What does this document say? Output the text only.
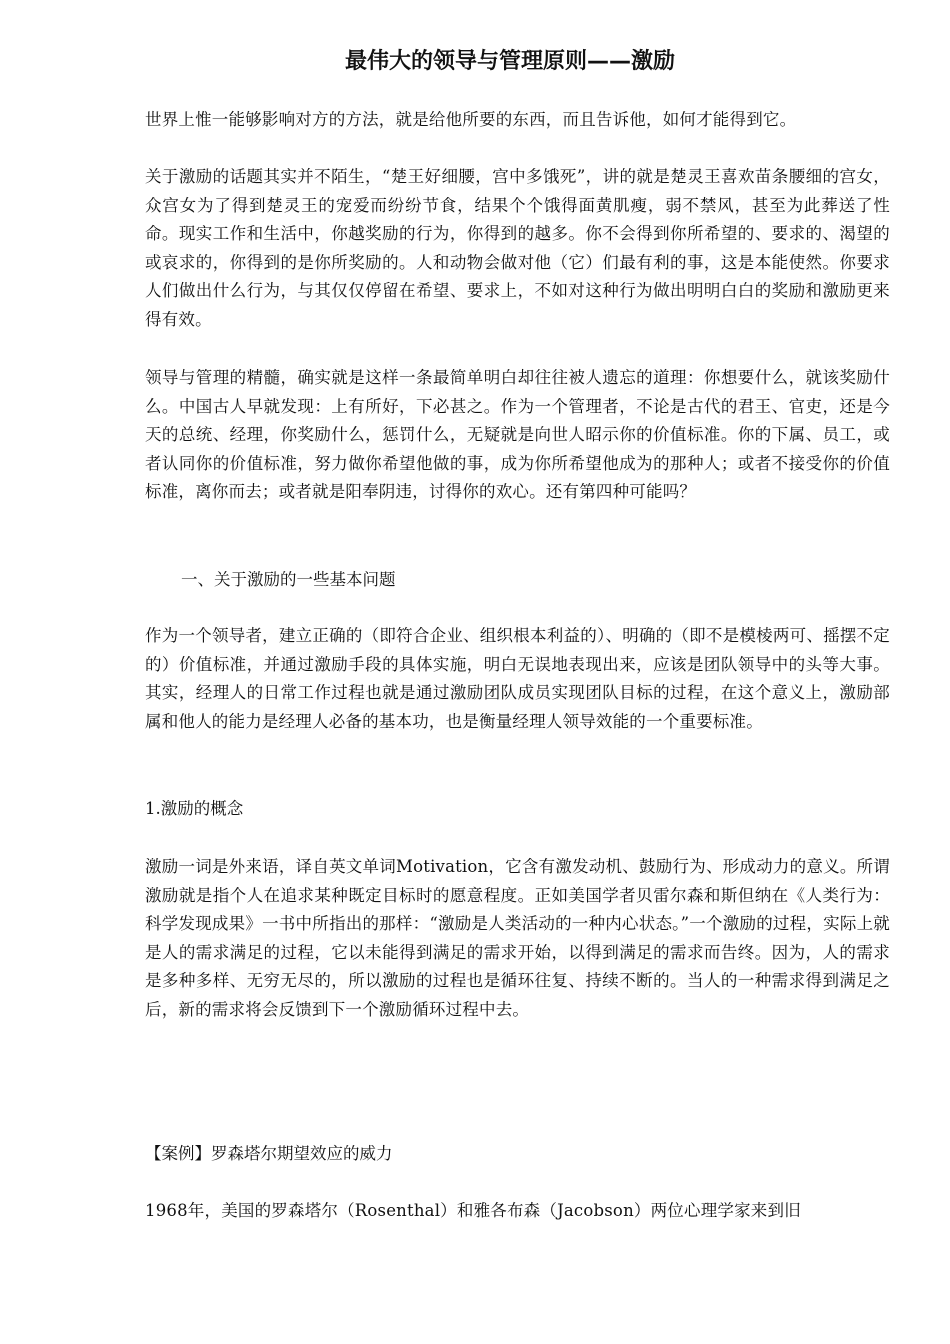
最伟大的领导与管理原则——激励

世界上惟一能够影响对方的方法，就是给他所要的东西，而且告诉他，如何才能得到它。

关于激励的话题其实并不陌生，“楚王好细腰，宫中多饿死”，讲的就是楚灵王喜欢苗条腰细的宫女，众宫女为了得到楚灵王的宠爱而纷纷节食，结果个个饿得面黄肌瘦，弱不禁风，甚至为此葬送了性命。现实工作和生活中，你越奖励的行为，你得到的越多。你不会得到你所希望的、要求的、渴望的或哀求的，你得到的是你所奖励的。人和动物会做对他（它）们最有利的事，这是本能使然。你要求人们做出什么行为，与其仅仅停留在希望、要求上，不如对这种行为做出明明白白的奖励和激励更来得有效。

领导与管理的精髓，确实就是这样一条最简单明白却往往被人遗忘的道理：你想要什么，就该奖励什么。中国古人早就发现：上有所好，下必甚之。作为一个管理者，不论是古代的君王、官吏，还是今天的总统、经理，你奖励什么，惩罚什么，无疑就是向世人昭示你的价值标准。你的下属、员工，或者认同你的价值标准，努力做你希望他做的事，成为你所希望他成为的那种人；或者不接受你的价值标准，离你而去；或者就是阳奉阴违，讨得你的欢心。还有第四种可能吗？

一、关于激励的一些基本问题

作为一个领导者，建立正确的（即符合企业、组织根本利益的）、明确的（即不是模棱两可、摇摆不定的）价值标准，并通过激励手段的具体实施，明白无误地表现出来，应该是团队领导中的头等大事。其实，经理人的日常工作过程也就是通过激励团队成员实现团队目标的过程，在这个意义上，激励部属和他人的能力是经理人必备的基本功，也是衡量经理人领导效能的一个重要标准。

1.激励的概念

激励一词是外来语，译自英文单词Motivation，它含有激发动机、鼓励行为、形成动力的意义。所谓激励就是指个人在追求某种既定目标时的愿意程度。正如美国学者贝雷尔森和斯但纳在《人类行为：科学发现成果》一书中所指出的那样：“激励是人类活动的一种内心状态。”一个激励的过程，实际上就是人的需求满足的过程，它以未能得到满足的需求开始，以得到满足的需求而告终。因为，人的需求是多种多样、无穷无尽的，所以激励的过程也是循环往复、持续不断的。当人的一种需求得到满足之后，新的需求将会反馈到下一个激励循环过程中去。

【案例】罗森塔尔期望效应的威力

1968年，美国的罗森塔尔（Rosenthal）和雅各布森（Jacobson）两位心理学家来到旧
